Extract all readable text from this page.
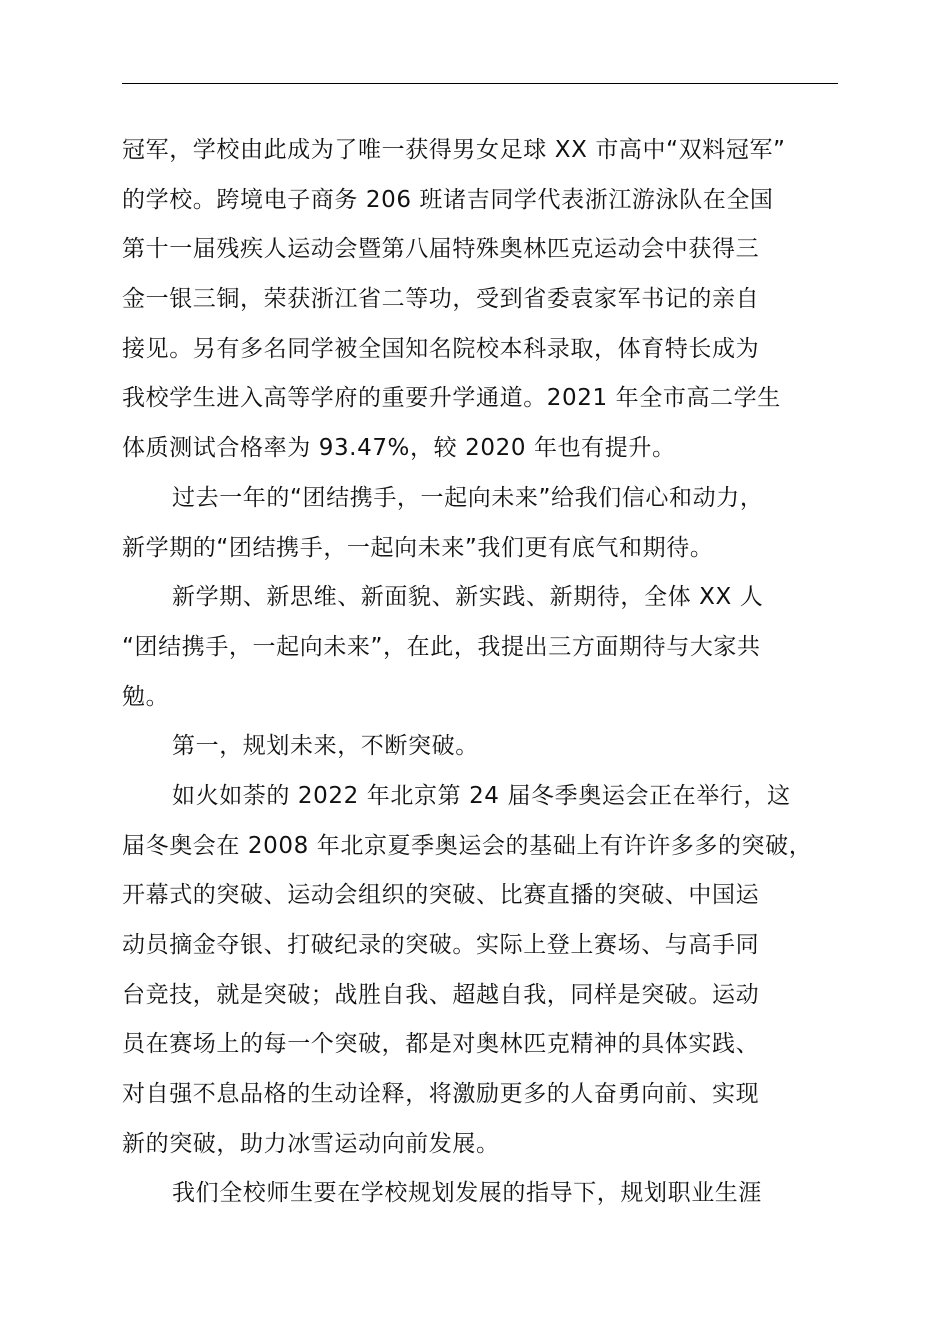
冠军，学校由此成为了唯一获得男女足球 XX 市高中“双料冠军”
的学校。跨境电子商务 206 班诸吉同学代表浙江游泳队在全国
第十一届残疾人运动会暨第八届特殊奥林匹克运动会中获得三
金一银三铜，荣获浙江省二等功，受到省委袁家军书记的亲自
接见。另有多名同学被全国知名院校本科录取，体育特长成为
我校学生进入高等学府的重要升学通道。2021 年全市高二学生
体质测试合格率为 93.47%，较 2020 年也有提升。
过去一年的“团结携手，一起向未来”给我们信心和动力，
新学期的“团结携手，一起向未来”我们更有底气和期待。
新学期、新思维、新面貌、新实践、新期待，全体 XX 人
“团结携手，一起向未来”，在此，我提出三方面期待与大家共
勉。
第一，规划未来，不断突破。
如火如荼的 2022 年北京第 24 届冬季奥运会正在举行，这
届冬奥会在 2008 年北京夏季奥运会的基础上有许许多多的突破，
开幕式的突破、运动会组织的突破、比赛直播的突破、中国运
动员摘金夺银、打破纪录的突破。实际上登上赛场、与高手同
台竞技，就是突破；战胜自我、超越自我，同样是突破。运动
员在赛场上的每一个突破，都是对奥林匹克精神的具体实践、
对自强不息品格的生动诠释，将激励更多的人奋勇向前、实现
新的突破，助力冰雪运动向前发展。
我们全校师生要在学校规划发展的指导下，规划职业生涯
